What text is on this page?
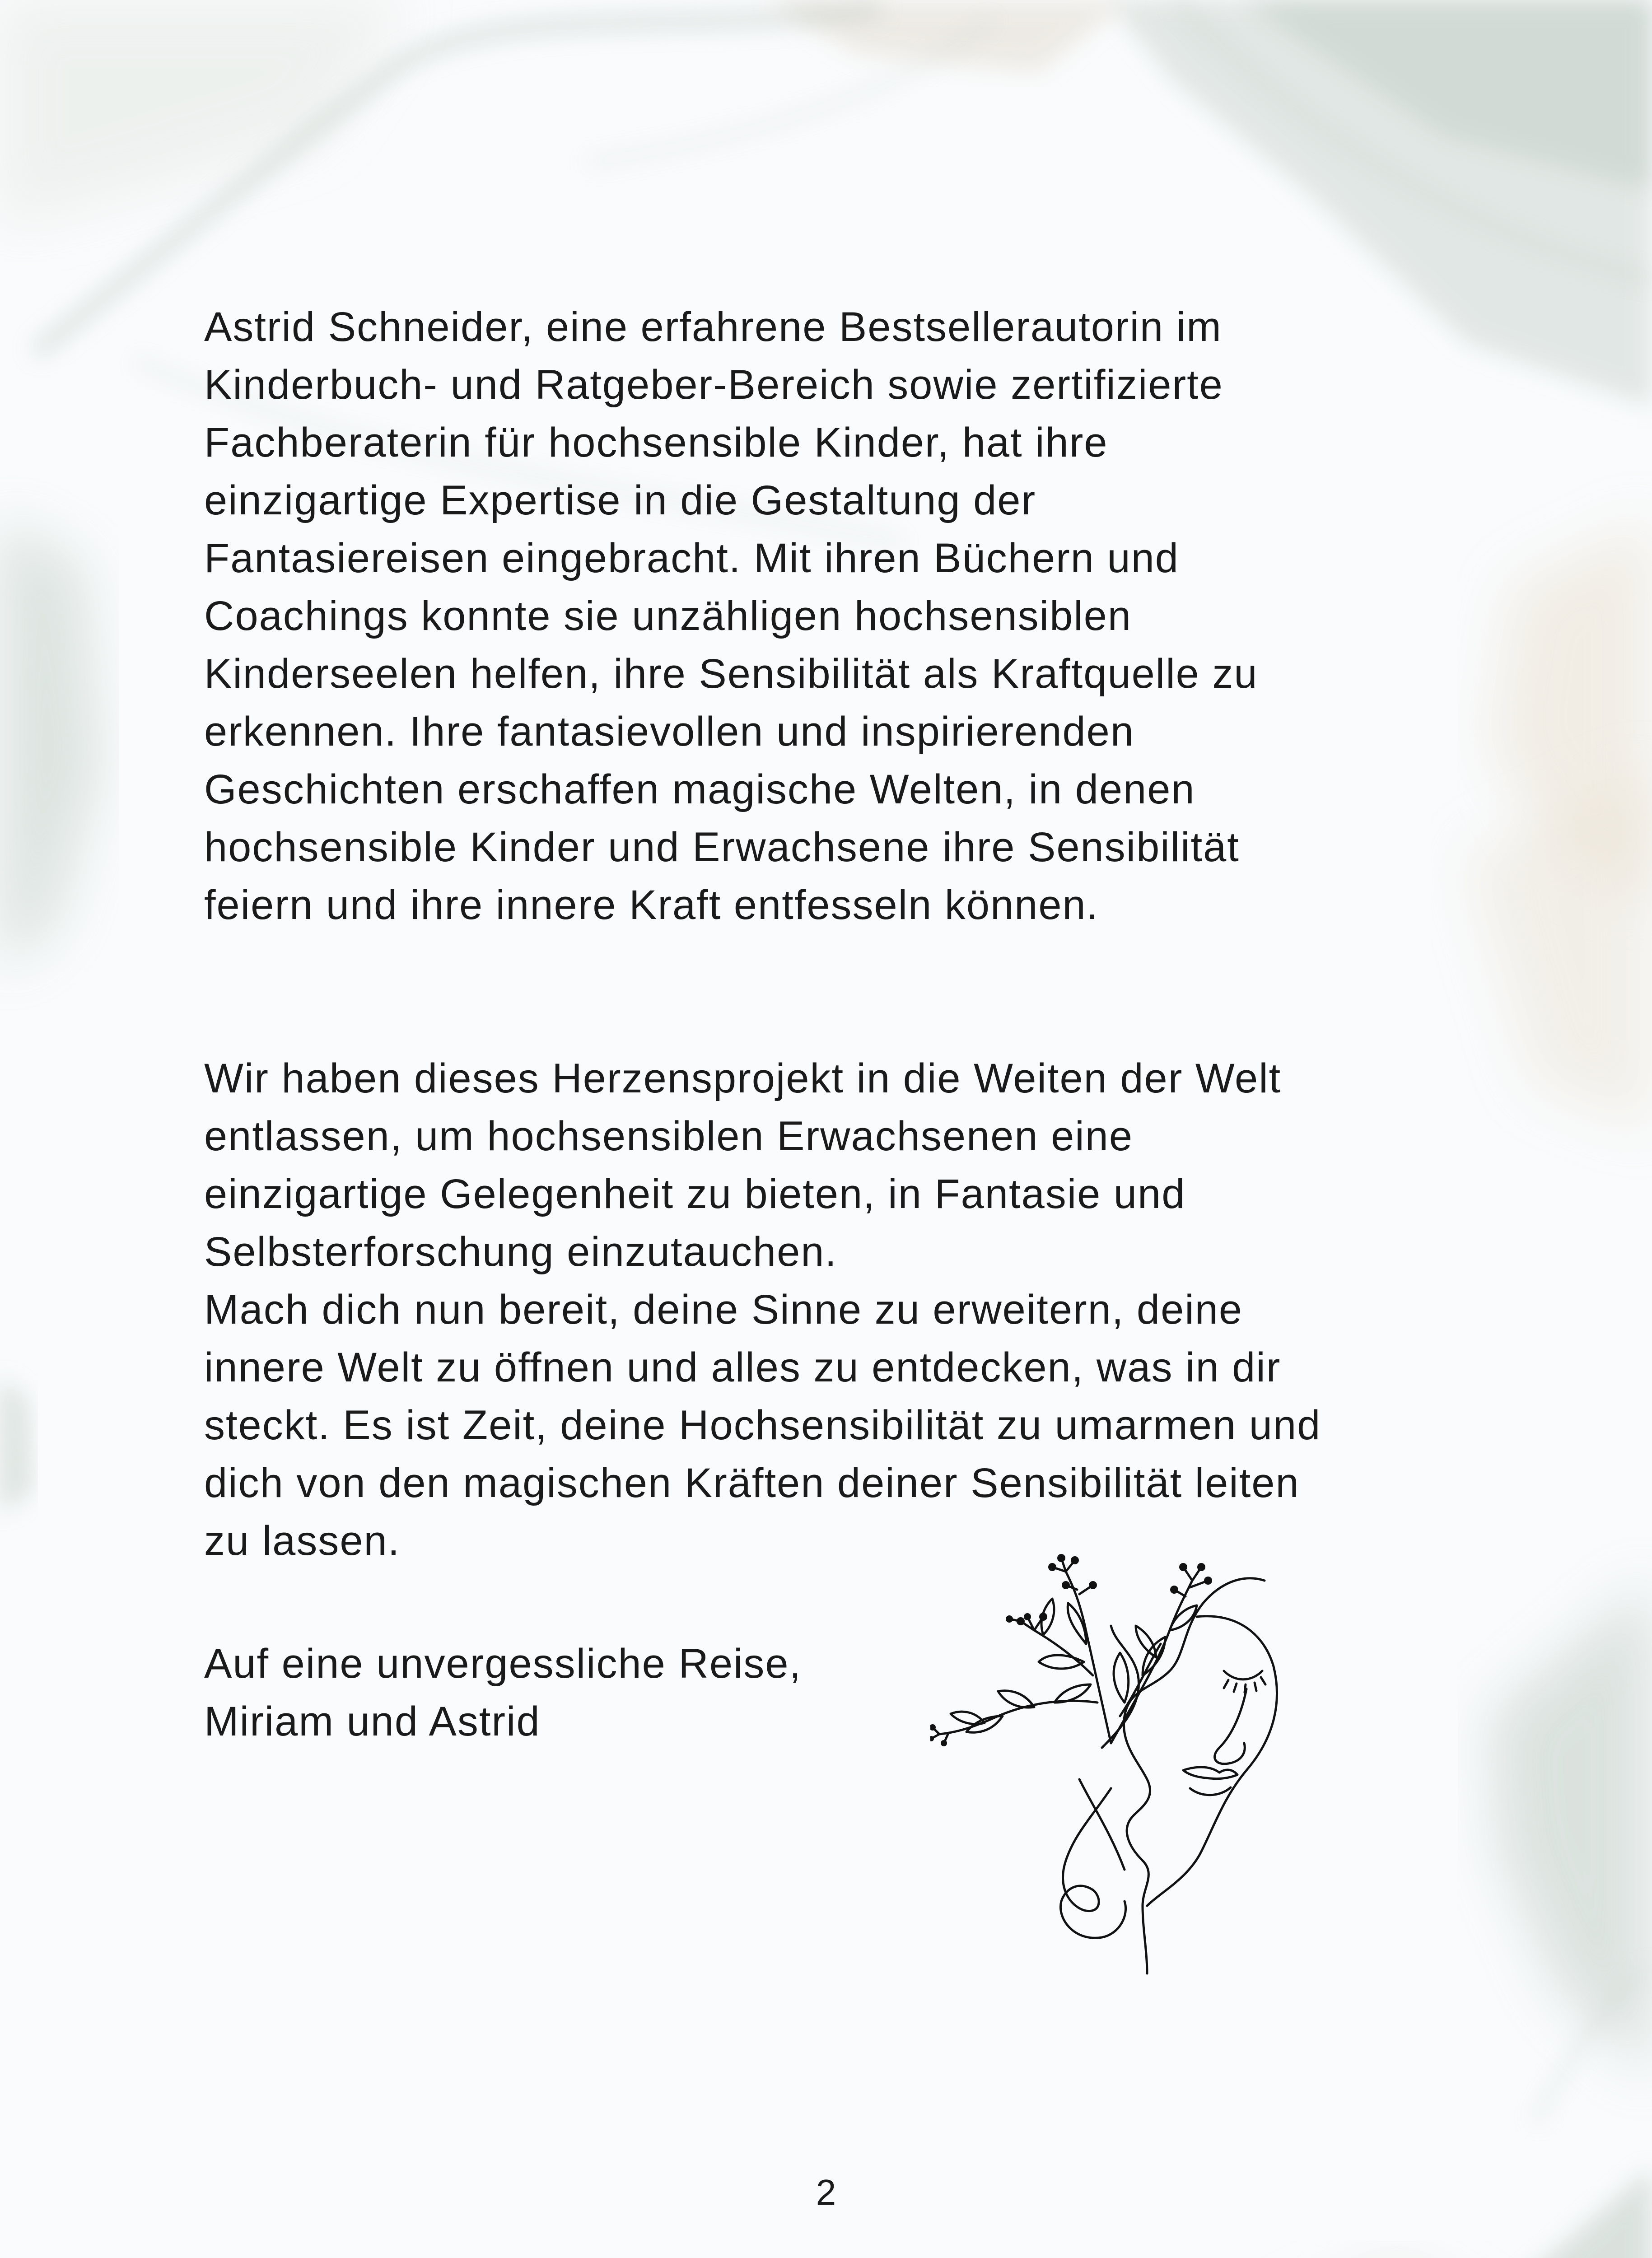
Astrid Schneider, eine erfahrene Bestsellerautorin im
Kinderbuch- und Ratgeber-Bereich sowie zertifizierte
Fachberaterin für hochsensible Kinder, hat ihre
einzigartige Expertise in die Gestaltung der
Fantasiereisen eingebracht. Mit ihren Büchern und
Coachings konnte sie unzähligen hochsensiblen
Kinderseelen helfen, ihre Sensibilität als Kraftquelle zu
erkennen. Ihre fantasievollen und inspirierenden
Geschichten erschaffen magische Welten, in denen
hochsensible Kinder und Erwachsene ihre Sensibilität
feiern und ihre innere Kraft entfesseln können.

Wir haben dieses Herzensprojekt in die Weiten der Welt
entlassen, um hochsensiblen Erwachsenen eine
einzigartige Gelegenheit zu bieten, in Fantasie und
Selbsterforschung einzutauchen.
Mach dich nun bereit, deine Sinne zu erweitern, deine
innere Welt zu öffnen und alles zu entdecken, was in dir
steckt. Es ist Zeit, deine Hochsensibilität zu umarmen und
dich von den magischen Kräften deiner Sensibilität leiten
zu lassen.

Auf eine unvergessliche Reise,
Miriam und Astrid
2
